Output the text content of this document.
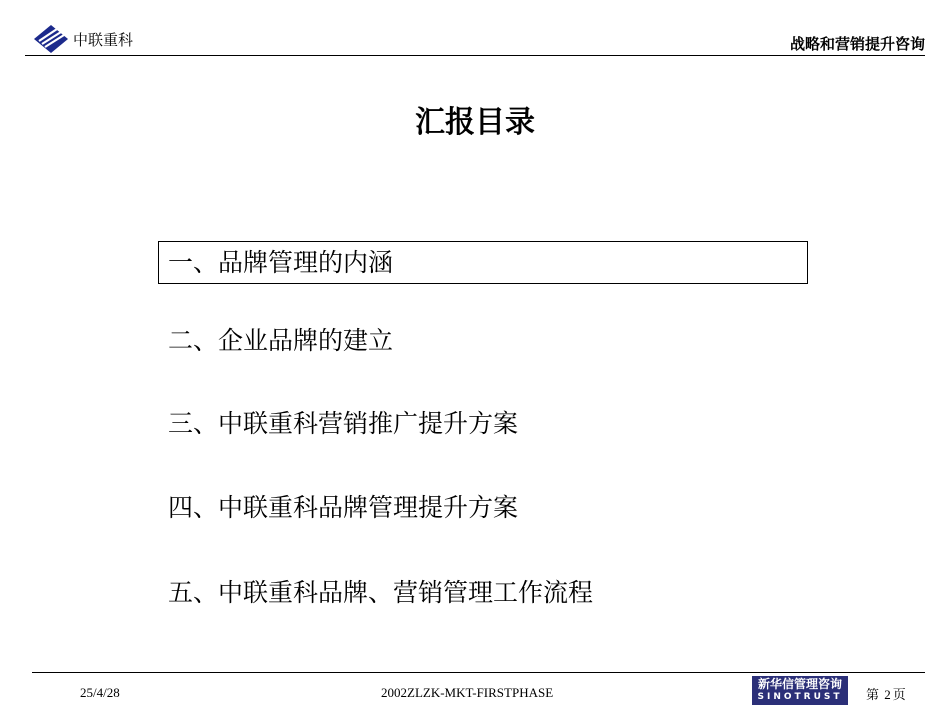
中联重科	战略和营销提升咨询
汇报目录
一、品牌管理的内涵
二、企业品牌的建立
三、中联重科营销推广提升方案
四、中联重科品牌管理提升方案
五、中联重科品牌、营销管理工作流程
25/4/28	2002ZLZK-MKT-FIRSTPHASE
新华信管理咨询
SINOTRUST	第 2 页
